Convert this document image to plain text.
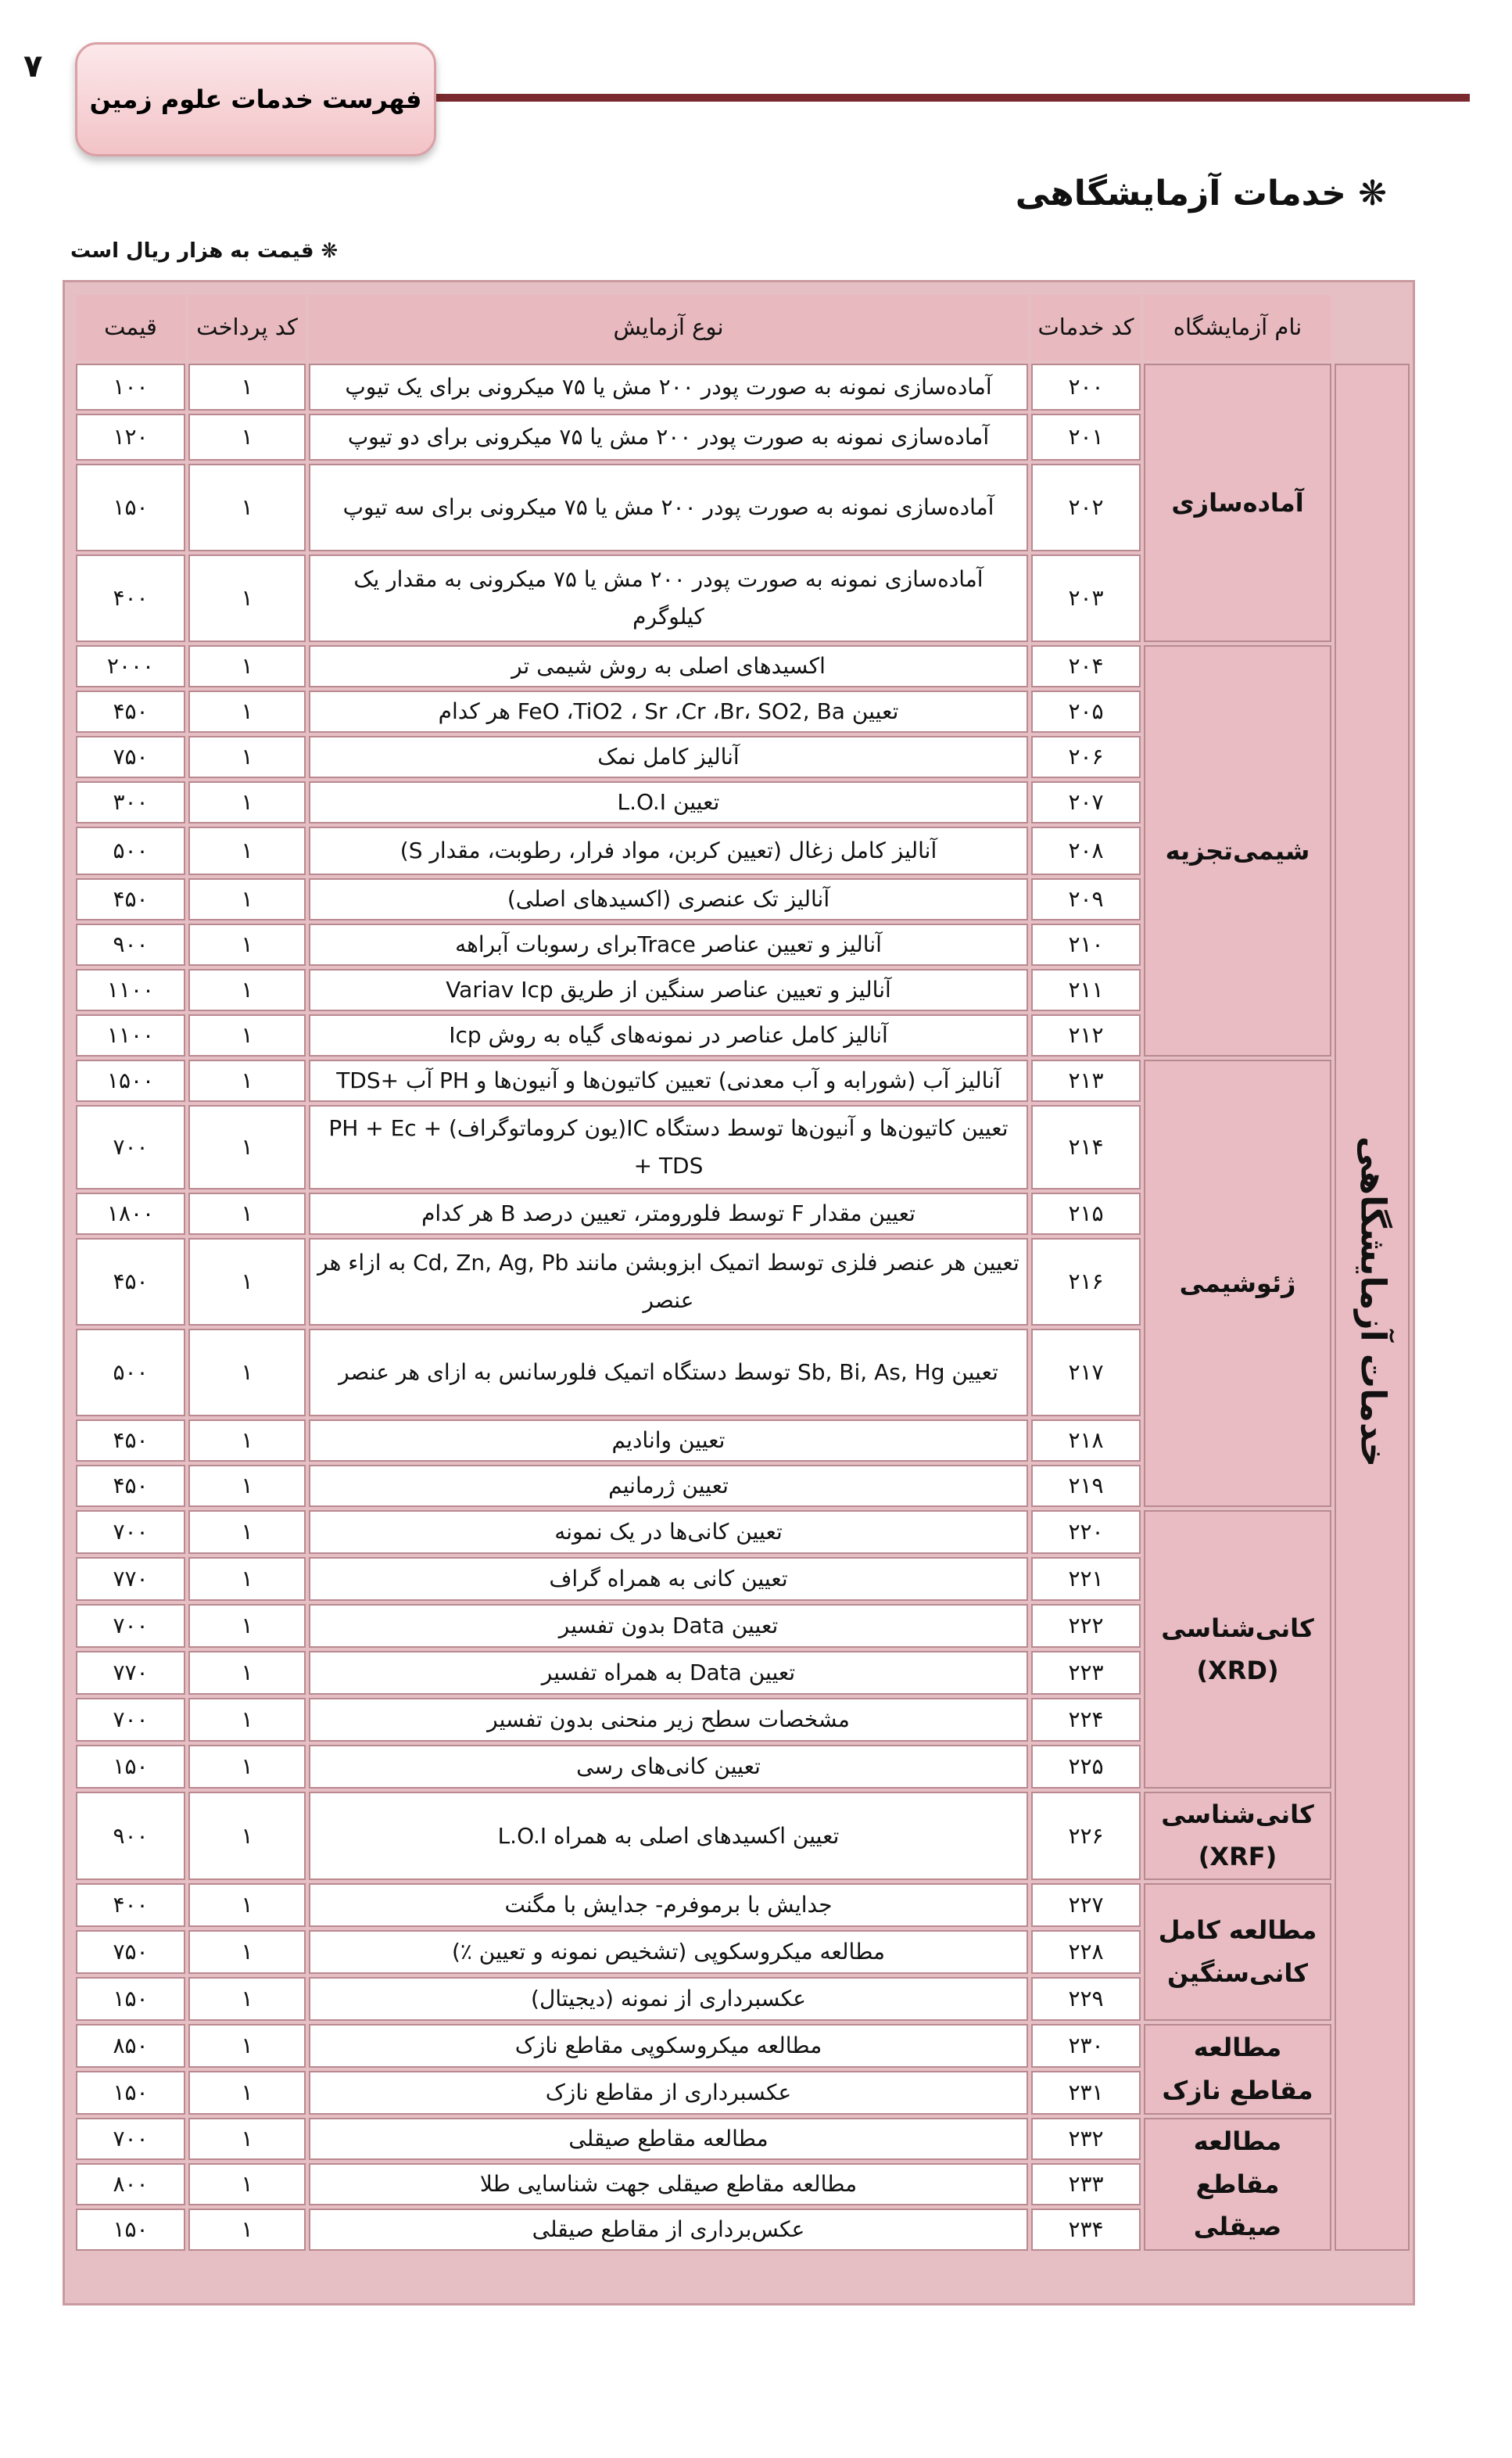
۷
فهرست خدمات علوم زمین
❋ خدمات آزمایشگاهی
❋ قیمت به هزار ریال است
	نام آزمایشگاه	کد خدمات	نوع آزمایش	کد پرداخت	قیمت
خدمات آزمایشگاهی	آماده‌سازی	۲۰۰	آماده‌سازی نمونه به صورت پودر ۲۰۰ مش یا ۷۵ میکرونی برای یک تیوپ	۱	۱۰۰
		۲۰۱	آماده‌سازی نمونه به صورت پودر ۲۰۰ مش یا ۷۵ میکرونی برای دو تیوپ	۱	۱۲۰
		۲۰۲	آماده‌سازی نمونه به صورت پودر ۲۰۰ مش یا ۷۵ میکرونی برای سه تیوپ	۱	۱۵۰
		۲۰۳	آماده‌سازی نمونه به صورت پودر ۲۰۰ مش یا ۷۵ میکرونی به مقدار یک کیلوگرم	۱	۴۰۰
	شیمی‌تجزیه	۲۰۴	اکسیدهای اصلی به روش شیمی تر	۱	۲۰۰۰
		۲۰۵	تعیین FeO ،TiO2 ، Sr ،Cr ،Br، SO2, Ba هر کدام	۱	۴۵۰
		۲۰۶	آنالیز کامل نمک	۱	۷۵۰
		۲۰۷	تعیین L.O.I	۱	۳۰۰
		۲۰۸	آنالیز کامل زغال (تعیین کربن، مواد فرار، رطوبت، مقدار S)	۱	۵۰۰
		۲۰۹	آنالیز تک عنصری (اکسیدهای اصلی)	۱	۴۵۰
		۲۱۰	آنالیز و تعیین عناصر Traceبرای رسوبات آبراهه	۱	۹۰۰
		۲۱۱	آنالیز و تعیین عناصر سنگین از طریق Variav Icp	۱	۱۱۰۰
		۲۱۲	آنالیز کامل عناصر در نمونه‌های گیاه به روش Icp	۱	۱۱۰۰
	ژئوشیمی	۲۱۳	آنالیز آب (شورابه و آب معدنی) تعیین کاتیون‌ها و آنیون‌ها و PH آب +TDS	۱	۱۵۰۰
		۲۱۴	تعیین کاتیون‌ها و آنیون‌ها توسط دستگاه IC(یون کروماتوگراف) + PH + Ec + TDS	۱	۷۰۰
		۲۱۵	تعیین مقدار F توسط فلورومتر، تعیین درصد B هر کدام	۱	۱۸۰۰
		۲۱۶	تعیین هر عنصر فلزی توسط اتمیک ابزوبشن مانند Cd, Zn, Ag, Pb به ازاء هر عنصر	۱	۴۵۰
		۲۱۷	تعیین Sb, Bi, As, Hg توسط دستگاه اتمیک فلورسانس به ازای هر عنصر	۱	۵۰۰
		۲۱۸	تعیین وانادیم	۱	۴۵۰
		۲۱۹	تعیین ژرمانیم	۱	۴۵۰
	کانی‌شناسی (XRD)	۲۲۰	تعیین کانی‌ها در یک نمونه	۱	۷۰۰
		۲۲۱	تعیین کانی به همراه گراف	۱	۷۷۰
		۲۲۲	تعیین Data بدون تفسیر	۱	۷۰۰
		۲۲۳	تعیین Data به همراه تفسیر	۱	۷۷۰
		۲۲۴	مشخصات سطح زیر منحنی بدون تفسیر	۱	۷۰۰
		۲۲۵	تعیین کانی‌های رسی	۱	۱۵۰
	کانی‌شناسی (XRF)	۲۲۶	تعیین اکسیدهای اصلی به همراه L.O.I	۱	۹۰۰
	مطالعه کامل کانی‌سنگین	۲۲۷	جدایش با برموفرم- جدایش با مگنت	۱	۴۰۰
		۲۲۸	مطالعه میکروسکوپی (تشخیص نمونه و تعیین ٪)	۱	۷۵۰
		۲۲۹	عکسبرداری از نمونه (دیجیتال)	۱	۱۵۰
	مطالعه مقاطع نازک	۲۳۰	مطالعه میکروسکوپی مقاطع نازک	۱	۸۵۰
		۲۳۱	عکسبرداری از مقاطع نازک	۱	۱۵۰
	مطالعه مقاطع صیقلی	۲۳۲	مطالعه مقاطع صیقلی	۱	۷۰۰
		۲۳۳	مطالعه مقاطع صیقلی جهت شناسایی طلا	۱	۸۰۰
		۲۳۴	عکس‌برداری از مقاطع صیقلی	۱	۱۵۰
